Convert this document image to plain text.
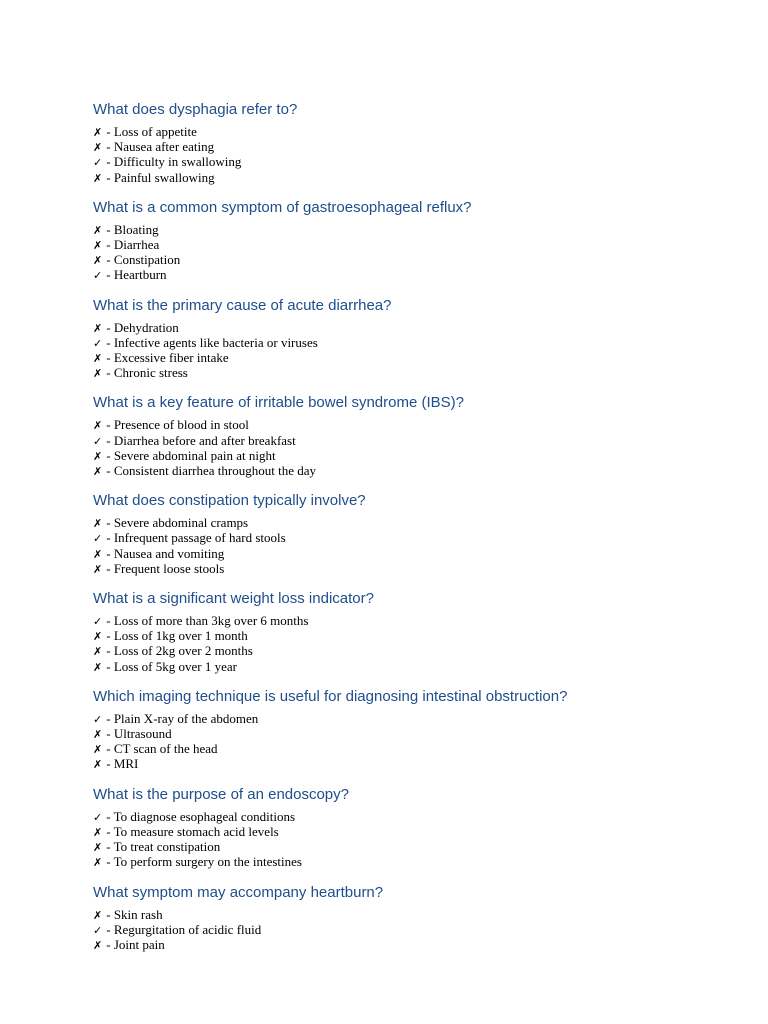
What does dysphagia refer to?
✗ - Loss of appetite
✗ - Nausea after eating
✓ - Difficulty in swallowing
✗ - Painful swallowing
What is a common symptom of gastroesophageal reflux?
✗ - Bloating
✗ - Diarrhea
✗ - Constipation
✓ - Heartburn
What is the primary cause of acute diarrhea?
✗ - Dehydration
✓ - Infective agents like bacteria or viruses
✗ - Excessive fiber intake
✗ - Chronic stress
What is a key feature of irritable bowel syndrome (IBS)?
✗ - Presence of blood in stool
✓ - Diarrhea before and after breakfast
✗ - Severe abdominal pain at night
✗ - Consistent diarrhea throughout the day
What does constipation typically involve?
✗ - Severe abdominal cramps
✓ - Infrequent passage of hard stools
✗ - Nausea and vomiting
✗ - Frequent loose stools
What is a significant weight loss indicator?
✓ - Loss of more than 3kg over 6 months
✗ - Loss of 1kg over 1 month
✗ - Loss of 2kg over 2 months
✗ - Loss of 5kg over 1 year
Which imaging technique is useful for diagnosing intestinal obstruction?
✓ - Plain X-ray of the abdomen
✗ - Ultrasound
✗ - CT scan of the head
✗ - MRI
What is the purpose of an endoscopy?
✓ - To diagnose esophageal conditions
✗ - To measure stomach acid levels
✗ - To treat constipation
✗ - To perform surgery on the intestines
What symptom may accompany heartburn?
✗ - Skin rash
✓ - Regurgitation of acidic fluid
✗ - Joint pain
